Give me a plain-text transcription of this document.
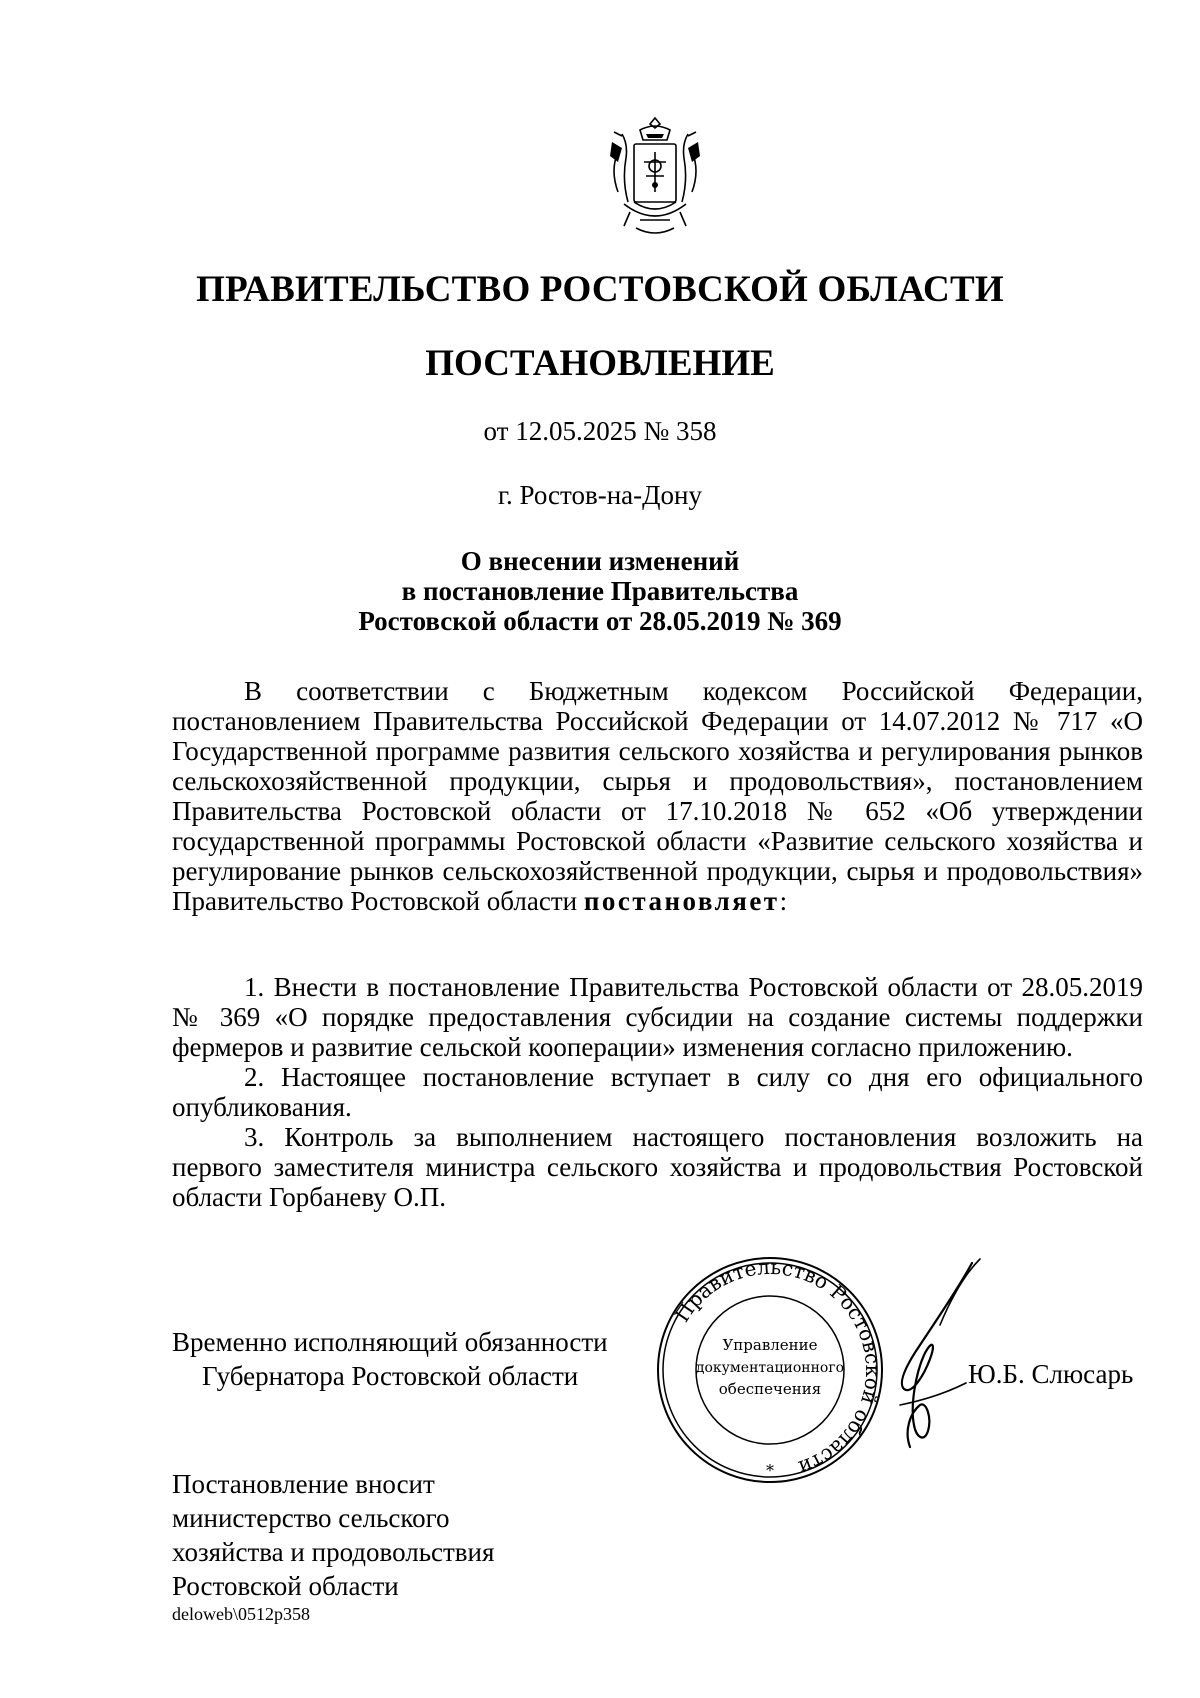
ПРАВИТЕЛЬСТВО РОСТОВСКОЙ ОБЛАСТИ
ПОСТАНОВЛЕНИЕ
от 12.05.2025 № 358
г. Ростов-на-Дону
О внесении изменений
в постановление Правительства
Ростовской области от 28.05.2019 № 369

В соответствии с Бюджетным кодексом Российской Федерации, постановлением Правительства Российской Федерации от 14.07.2012 № 717 «О Государственной программе развития сельского хозяйства и регулирования рынков сельскохозяйственной продукции, сырья и продовольствия», постановлением Правительства Ростовской области от 17.10.2018 № 652 «Об утверждении государственной программы Ростовской области «Развитие сельского хозяйства и регулирование рынков сельскохозяйственной продукции, сырья и продовольствия» Правительство Ростовской области постановляет:

1. Внести в постановление Правительства Ростовской области от 28.05.2019 № 369 «О порядке предоставления субсидии на создание системы поддержки фермеров и развитие сельской кооперации» изменения согласно приложению.

2. Настоящее постановление вступает в силу со дня его официального опубликования.

3. Контроль за выполнением настоящего постановления возложить на первого заместителя министра сельского хозяйства и продовольствия Ростовской области Горбаневу О.П.

Временно исполняющий обязанности
Губернатора Ростовской области
Правительство Ростовской области
Управление
документационного
обеспечения
*
Ю.Б. Слюсарь
Постановление вносит
министерство сельского
хозяйства и продовольствия
Ростовской области
deloweb\0512p358
